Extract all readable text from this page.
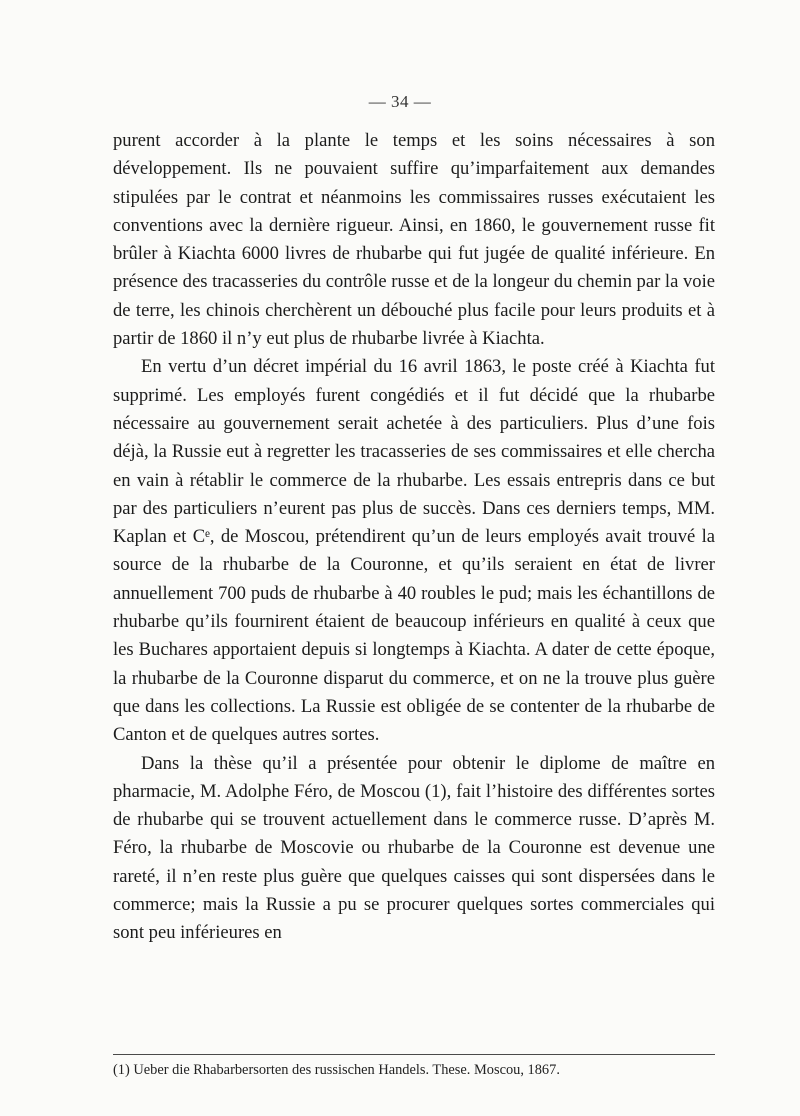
— 34 —

purent accorder à la plante le temps et les soins nécessaires à son développement. Ils ne pouvaient suffire qu’imparfaitement aux demandes stipulées par le contrat et néanmoins les commissaires russes exécutaient les conventions avec la dernière rigueur. Ainsi, en 1860, le gouvernement russe fit brûler à Kiachta 6000 livres de rhubarbe qui fut jugée de qualité inférieure. En présence des tracasseries du contrôle russe et de la longeur du chemin par la voie de terre, les chinois cherchèrent un débouché plus facile pour leurs produits et à partir de 1860 il n’y eut plus de rhubarbe livrée à Kiachta.

En vertu d’un décret impérial du 16 avril 1863, le poste créé à Kiachta fut supprimé. Les employés furent congédiés et il fut décidé que la rhubarbe nécessaire au gouvernement serait achetée à des particuliers. Plus d’une fois déjà, la Russie eut à regretter les tracasseries de ses commissaires et elle chercha en vain à rétablir le commerce de la rhubarbe. Les essais entrepris dans ce but par des particuliers n’eurent pas plus de succès. Dans ces derniers temps, MM. Kaplan et Cᵉ, de Moscou, prétendirent qu’un de leurs employés avait trouvé la source de la rhubarbe de la Couronne, et qu’ils seraient en état de livrer annuellement 700 puds de rhubarbe à 40 roubles le pud; mais les échantillons de rhubarbe qu’ils fournirent étaient de beaucoup inférieurs en qualité à ceux que les Buchares apportaient depuis si longtemps à Kiachta. A dater de cette époque, la rhubarbe de la Couronne disparut du commerce, et on ne la trouve plus guère que dans les collections. La Russie est obligée de se contenter de la rhubarbe de Canton et de quelques autres sortes.

Dans la thèse qu’il a présentée pour obtenir le diplome de maître en pharmacie, M. Adolphe Féro, de Moscou (1), fait l’histoire des différentes sortes de rhubarbe qui se trouvent actuellement dans le commerce russe. D’après M. Féro, la rhubarbe de Moscovie ou rhubarbe de la Couronne est devenue une rareté, il n’en reste plus guère que quelques caisses qui sont dispersées dans le commerce; mais la Russie a pu se procurer quelques sortes commerciales qui sont peu inférieures en

(1) Ueber die Rhabarbersorten des russischen Handels. These. Moscou, 1867.
